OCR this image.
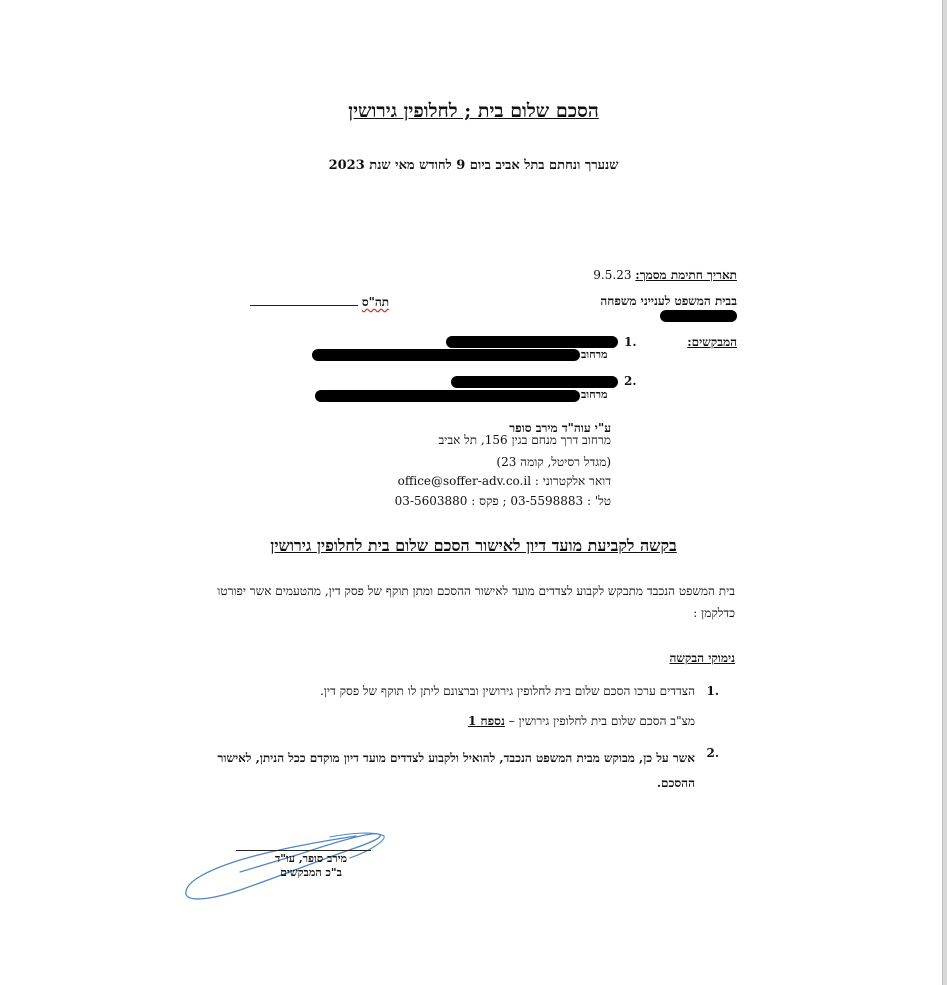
הסכם שלום בית ; לחלופין גירושין
שנערך ונחתם בתל אביב ביום 9 לחודש מאי שנת 2023
תאריך חתימת מסמך: 9.5.23
בבית המשפט לענייני משפחה
תה"ס
המבקשים:
1.
מרחוב
2.
מרחוב
ע"י עוה"ד מירב סופר
מרחוב דרך מנחם בגין 156, תל אביב
(מגדל רסיטל, קומה 23)
דואר אלקטרוני : office@soffer-adv.co.il
טל' : 03-5598883 ; פקס : 03-5603880
בקשה לקביעת מועד דיון לאישור הסכם שלום בית לחלופין גירושין
בית המשפט הנכבד מתבקש לקבוע לצדדים מועד לאישור ההסכם ומתן תוקף של פסק דין, מהטעמים אשר יפורטו כדלקמן :
נימוקי הבקשה
1.
הצדדים ערכו הסכם שלום בית לחלופין גירושין וברצונם ליתן לו תוקף של פסק דין.
מצ"ב הסכם שלום בית לחלופין גירושין – נספח 1
2.
אשר על כן, מבוקש מבית המשפט הנכבד, להואיל ולקבוע לצדדים מועד דיון מוקדם ככל הניתן, לאישור ההסכם.
מירב סופר, עו"ד
ב"כ המבקשים
